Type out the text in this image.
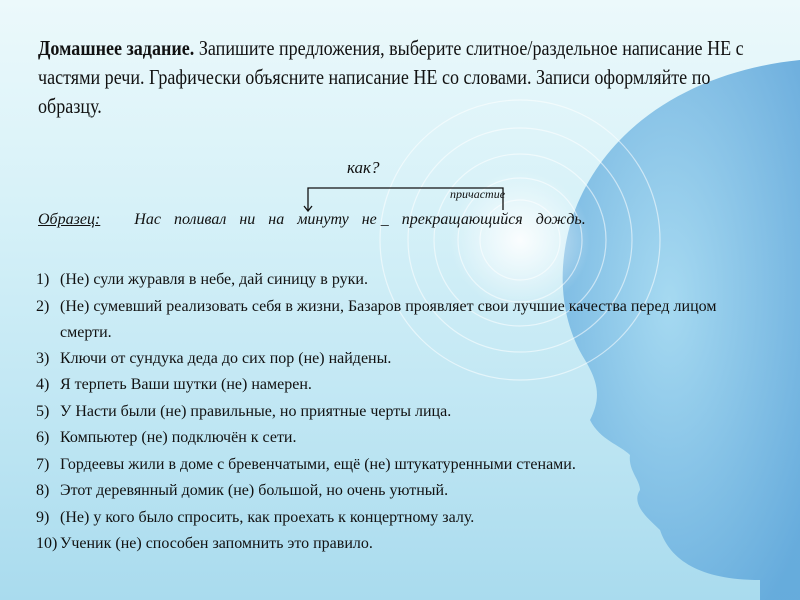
Домашнее задание. Запишите предложения, выберите слитное/раздельное написание НЕ с частями речи. Графически объясните написание НЕ со словами. Записи оформляйте по образцу.
как?
причастие
Образец: Нас поливал ни на минуту не _ прекращающийся дождь.
1) (Не) сули журавля в небе, дай синицу в руки.
2) (Не) сумевший реализовать себя в жизни, Базаров проявляет свои лучшие качества перед лицом смерти.
3) Ключи от сундука деда до сих пор (не) найдены.
4) Я терпеть Ваши шутки (не) намерен.
5) У Насти были (не) правильные, но приятные черты лица.
6) Компьютер (не) подключён к сети.
7) Гордеевы жили в доме с бревенчатыми, ещё (не) штукатуренными стенами.
8) Этот деревянный домик (не) большой, но очень уютный.
9) (Не) у кого было спросить, как проехать к концертному залу.
10) Ученик (не) способен запомнить это правило.
